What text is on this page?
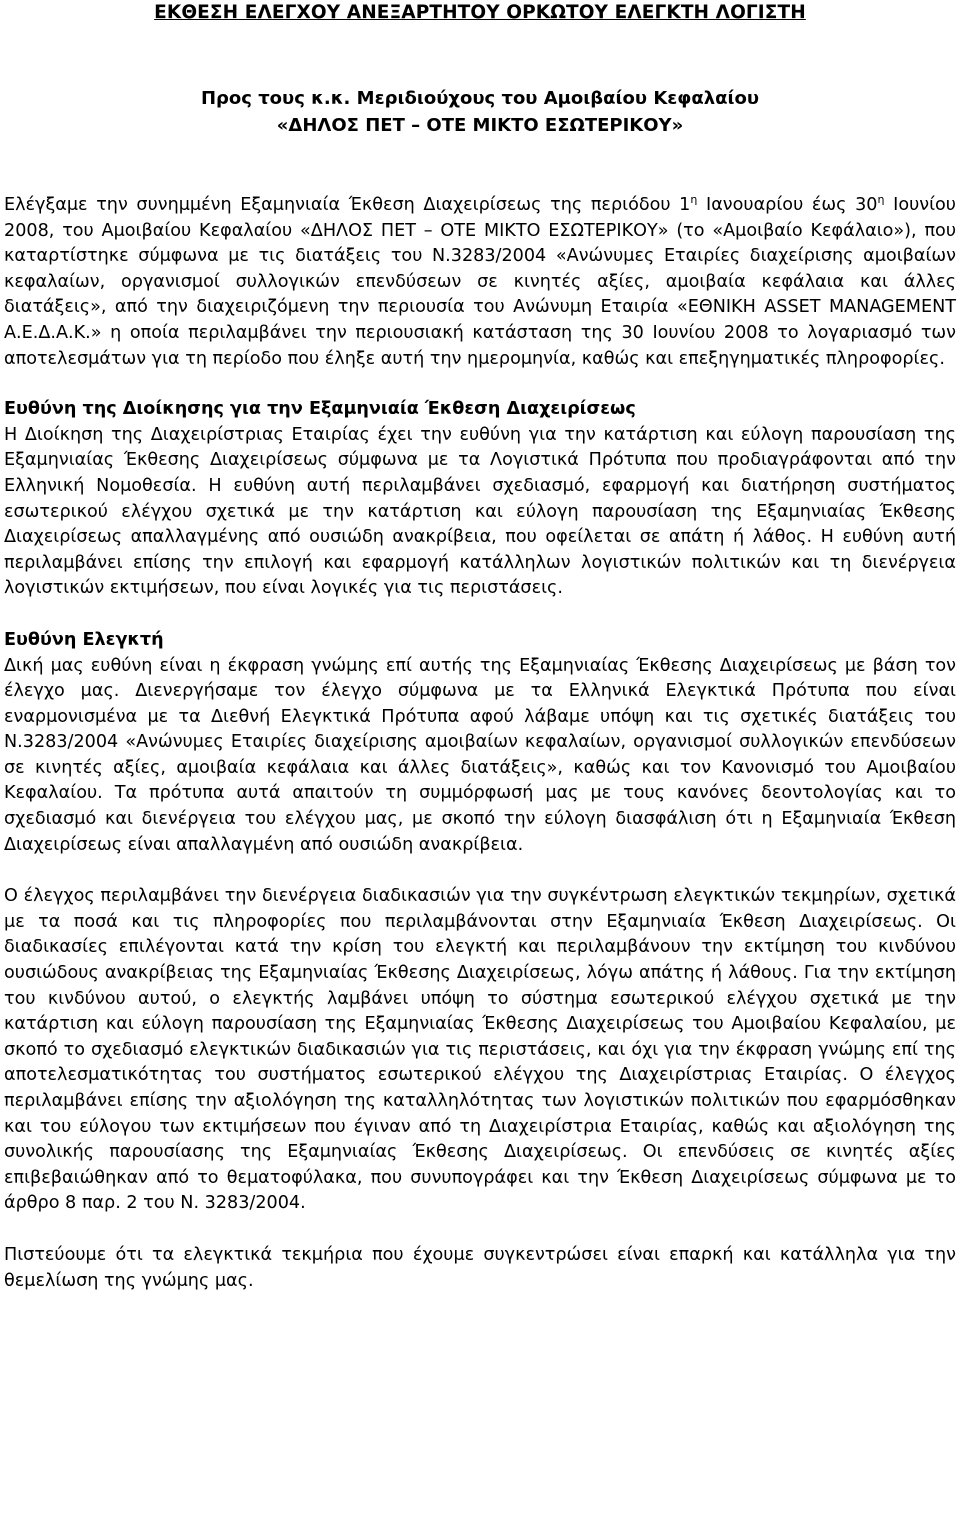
ΕΚΘΕΣΗ ΕΛΕΓΧΟΥ ΑΝΕΞΑΡΤΗΤΟΥ ΟΡΚΩΤΟΥ ΕΛΕΓΚΤΗ ΛΟΓΙΣΤΗ
Προς τους κ.κ. Μεριδιούχους του Αμοιβαίου Κεφαλαίου
«ΔΗΛΟΣ ΠΕΤ – ΟΤΕ ΜΙΚΤΟ ΕΣΩΤΕΡΙΚΟΥ»

Ελέγξαμε την συνημμένη Εξαμηνιαία Έκθεση Διαχειρίσεως της περιόδου $1^\eta$ Ιανουαρίου έως $30^\eta$ Ιουνίου 2008, του Αμοιβαίου Κεφαλαίου «ΔΗΛΟΣ ΠΕΤ – ΟΤΕ ΜΙΚΤΟ ΕΣΩΤΕΡΙΚΟΥ» (το «Αμοιβαίο Κεφάλαιο»), που καταρτίστηκε σύμφωνα με τις διατάξεις του Ν.3283/2004 «Ανώνυμες Εταιρίες διαχείρισης αμοιβαίων κεφαλαίων, οργανισμοί συλλογικών επενδύσεων σε κινητές αξίες, αμοιβαία κεφάλαια και άλλες διατάξεις», από την διαχειριζόμενη την περιουσία του Ανώνυμη Εταιρία «ΕΘΝΙΚΗ ASSET MANAGEMENT Α.Ε.Δ.Α.Κ.» η οποία περιλαμβάνει την περιουσιακή κατάσταση της 30 Ιουνίου 2008 το λογαριασμό των αποτελεσμάτων για τη περίοδο που έληξε αυτή την ημερομηνία, καθώς και επεξηγηματικές πληροφορίες.

Ευθύνη της Διοίκησης για την Εξαμηνιαία Έκθεση Διαχειρίσεως

Η Διοίκηση της Διαχειρίστριας Εταιρίας έχει την ευθύνη για την κατάρτιση και εύλογη παρουσίαση της Εξαμηνιαίας Έκθεσης Διαχειρίσεως σύμφωνα με τα Λογιστικά Πρότυπα που προδιαγράφονται από την Ελληνική Νομοθεσία. Η ευθύνη αυτή περιλαμβάνει σχεδιασμό, εφαρμογή και διατήρηση συστήματος εσωτερικού ελέγχου σχετικά με την κατάρτιση και εύλογη παρουσίαση της Εξαμηνιαίας Έκθεσης Διαχειρίσεως απαλλαγμένης από ουσιώδη ανακρίβεια, που οφείλεται σε απάτη ή λάθος. Η ευθύνη αυτή περιλαμβάνει επίσης την επιλογή και εφαρμογή κατάλληλων λογιστικών πολιτικών και τη διενέργεια λογιστικών εκτιμήσεων, που είναι λογικές για τις περιστάσεις.

Ευθύνη Ελεγκτή

Δική μας ευθύνη είναι η έκφραση γνώμης επί αυτής της Εξαμηνιαίας Έκθεσης Διαχειρίσεως με βάση τον έλεγχο μας. Διενεργήσαμε τον έλεγχο σύμφωνα με τα Ελληνικά Ελεγκτικά Πρότυπα που είναι εναρμονισμένα με τα Διεθνή Ελεγκτικά Πρότυπα αφού λάβαμε υπόψη και τις σχετικές διατάξεις του Ν.3283/2004 «Ανώνυμες Εταιρίες διαχείρισης αμοιβαίων κεφαλαίων, οργανισμοί συλλογικών επενδύσεων σε κινητές αξίες, αμοιβαία κεφάλαια και άλλες διατάξεις», καθώς και τον Κανονισμό του Αμοιβαίου Κεφαλαίου. Τα πρότυπα αυτά απαιτούν τη συμμόρφωσή μας με τους κανόνες δεοντολογίας και το σχεδιασμό και διενέργεια του ελέγχου μας, με σκοπό την εύλογη διασφάλιση ότι η Εξαμηνιαία Έκθεση Διαχειρίσεως είναι απαλλαγμένη από ουσιώδη ανακρίβεια.

Ο έλεγχος περιλαμβάνει την διενέργεια διαδικασιών για την συγκέντρωση ελεγκτικών τεκμηρίων, σχετικά με τα ποσά και τις πληροφορίες που περιλαμβάνονται στην Εξαμηνιαία Έκθεση Διαχειρίσεως. Οι διαδικασίες επιλέγονται κατά την κρίση του ελεγκτή και περιλαμβάνουν την εκτίμηση του κινδύνου ουσιώδους ανακρίβειας της Εξαμηνιαίας Έκθεσης Διαχειρίσεως, λόγω απάτης ή λάθους. Για την εκτίμηση του κινδύνου αυτού, ο ελεγκτής λαμβάνει υπόψη το σύστημα εσωτερικού ελέγχου σχετικά με την κατάρτιση και εύλογη παρουσίαση της Εξαμηνιαίας Έκθεσης Διαχειρίσεως του Αμοιβαίου Κεφαλαίου, με σκοπό το σχεδιασμό ελεγκτικών διαδικασιών για τις περιστάσεις, και όχι για την έκφραση γνώμης επί της αποτελεσματικότητας του συστήματος εσωτερικού ελέγχου της Διαχειρίστριας Εταιρίας. Ο έλεγχος περιλαμβάνει επίσης την αξιολόγηση της καταλληλότητας των λογιστικών πολιτικών που εφαρμόσθηκαν και του εύλογου των εκτιμήσεων που έγιναν από τη Διαχειρίστρια Εταιρίας, καθώς και αξιολόγηση της συνολικής παρουσίασης της Εξαμηνιαίας Έκθεσης Διαχειρίσεως. Οι επενδύσεις σε κινητές αξίες επιβεβαιώθηκαν από το θεματοφύλακα, που συνυπογράφει και την Έκθεση Διαχειρίσεως σύμφωνα με το άρθρο 8 παρ. 2 του Ν. 3283/2004.

Πιστεύουμε ότι τα ελεγκτικά τεκμήρια που έχουμε συγκεντρώσει είναι επαρκή και κατάλληλα για την θεμελίωση της γνώμης μας.
